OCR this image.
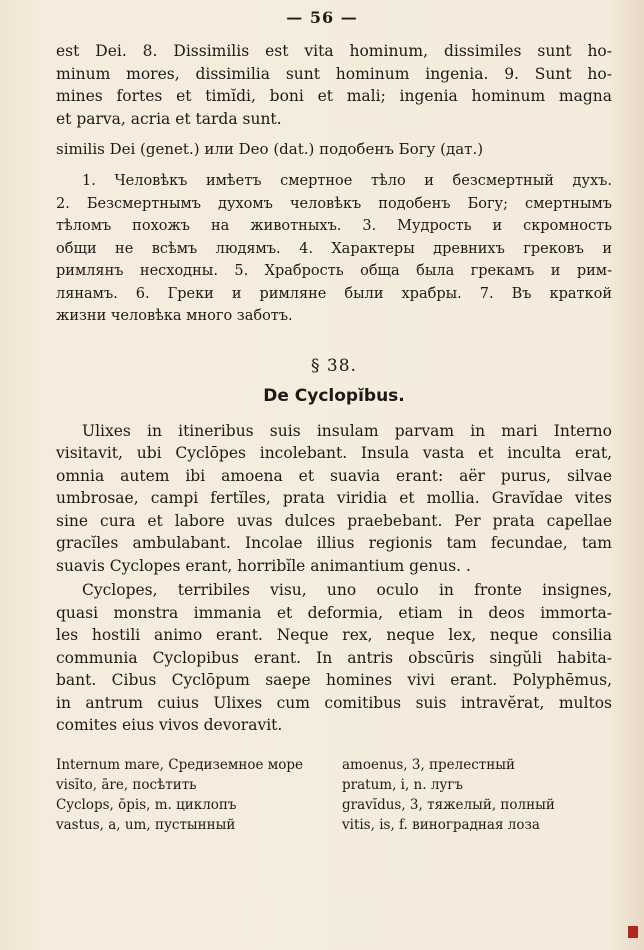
— 56 —

est Dei. 8. Dissimilis est vita hominum, dissimiles sunt ho-
minum mores, dissimilia sunt hominum ingenia. 9. Sunt ho-
mines fortes et timĭdi, boni et mali; ingenia hominum magna
et parva, acria et tarda sunt.

similis Dei (genet.) или Deo (dat.) подобенъ Богу (дат.)

1. Человѣкъ имѣетъ смертное тѣло и безсмертный духъ.
2. Безсмертнымъ духомъ человѣкъ подобенъ Богу; смертнымъ
тѣломъ похожъ на животныхъ. 3. Мудрость и скромность
общи не всѣмъ людямъ. 4. Характеры древнихъ грековъ и
римлянъ несходны. 5. Храбрость обща была грекамъ и рим-
лянамъ. 6. Греки и римляне были храбры. 7. Въ краткой
жизни человѣка много заботъ.

§ 38.
De Cyclopĭbus.

Ulixes in itineribus suis insulam parvam in mari Interno
visitavit, ubi Cyclōpes incolebant. Insula vasta et inculta erat,
omnia autem ibi amoena et suavia erant: aër purus, silvae
umbrosae, campi fertĭles, prata viridia et mollia. Gravĭdae vites
sine cura et labore uvas dulces praebebant. Per prata capellae
gracĭles ambulabant. Incolae illius regionis tam fecundae, tam
suavis Cyclopes erant, horribĭle animantium genus. .

Cyclopes, terribiles visu, uno oculo in fronte insignes,
quasi monstra immania et deformia, etiam in deos immorta-
les hostili animo erant. Neque rex, neque lex, neque consilia
communia Cyclopibus erant. In antris obscūris singŭli habita-
bant. Cibus Cyclōpum saepe homines vivi erant. Polyphēmus,
in antrum cuius Ulixes cum comitibus suis intravĕrat, multos
comites eius vivos devoravit.

Internum mare, Средиземное море	amoenus, 3, прелестный
visĭto, āre, посѣтить	pratum, i, n. лугъ
Cyclops, ōpis, m. циклопъ	gravĭdus, 3, тяжелый, полный
vastus, a, um, пустынный	vitis, is, f. виноградная лоза
